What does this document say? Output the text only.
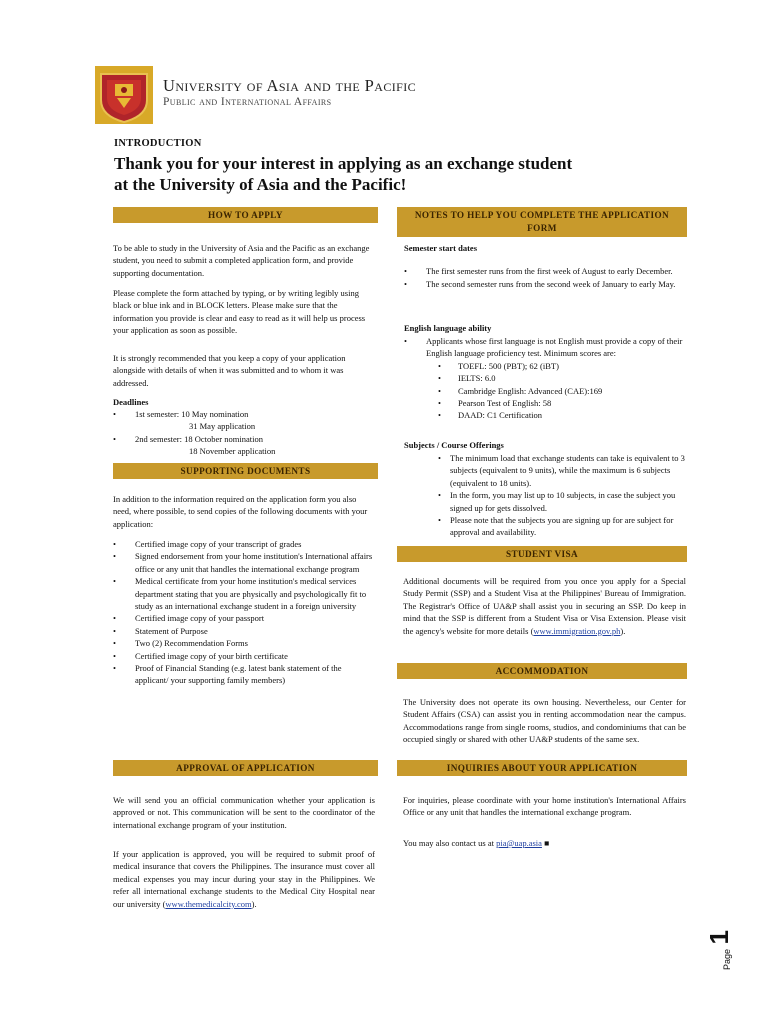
University of Asia and the Pacific
Public and International Affairs
INTRODUCTION
Thank you for your interest in applying as an exchange student
at the University of Asia and the Pacific!
HOW TO APPLY

To be able to study in the University of Asia and the Pacific as an exchange student, you need to submit a completed application form, and provide supporting documentation.

Please complete the form attached by typing, or by writing legibly using black or blue ink and in BLOCK letters. Please make sure that the information you provide is clear and easy to read as it will help us process your application as soon as possible.

It is strongly recommended that you keep a copy of your application alongside with details of when it was submitted and to whom it was addressed.

Deadlines
• 1st semester: 10 May nomination
31 May application
• 2nd semester: 18 October nomination
18 November application
SUPPORTING DOCUMENTS

In addition to the information required on the application form you also need, where possible, to send copies of the following documents with your application:

• Certified image copy of your transcript of grades
• Signed endorsement from your home institution's International affairs office or any unit that handles the international exchange program
• Medical certificate from your home institution's medical services department stating that you are physically and psychologically fit to study as an international exchange student in a foreign university
• Certified image copy of your passport
• Statement of Purpose
• Two (2) Recommendation Forms
• Certified image copy of your birth certificate
• Proof of Financial Standing (e.g. latest bank statement of the applicant/ your supporting family members)
NOTES TO HELP YOU COMPLETE THE APPLICATION
FORM
Semester start dates
• The first semester runs from the first week of August to early December.
• The second semester runs from the second week of January to early May.
English language ability
• Applicants whose first language is not English must provide a copy of their English language proficiency test. Minimum scores are:
• TOEFL: 500 (PBT); 62 (iBT)
• IELTS: 6.0
• Cambridge English: Advanced (CAE):169
• Pearson Test of English: 58
• DAAD: C1 Certification
Subjects / Course Offerings
• The minimum load that exchange students can take is equivalent to 3 subjects (equivalent to 9 units), while the maximum is 6 subjects (equivalent to 18 units).
• In the form, you may list up to 10 subjects, in case the subject you signed up for gets dissolved.
• Please note that the subjects you are signing up for are subject for approval and availability.
STUDENT VISA

Additional documents will be required from you once you apply for a Special Study Permit (SSP) and a Student Visa at the Philippines' Bureau of Immigration. The Registrar's Office of UA&P shall assist you in securing an SSP. Do keep in mind that the SSP is different from a Student Visa or Visa Extension. Please visit the agency's website for more details (www.immigration.gov.ph).

ACCOMMODATION

The University does not operate its own housing. Nevertheless, our Center for Student Affairs (CSA) can assist you in renting accommodation near the campus. Accommodations range from single rooms, studios, and condominiums that can be occupied singly or shared with other UA&P students of the same sex.

APPROVAL OF APPLICATION

We will send you an official communication whether your application is approved or not. This communication will be sent to the coordinator of the international exchange program of your institution.

If your application is approved, you will be required to submit proof of medical insurance that covers the Philippines. The insurance must cover all medical expenses you may incur during your stay in the Philippines. We refer all international exchange students to the Medical City Hospital near our university (www.themedicalcity.com).

INQUIRIES ABOUT YOUR APPLICATION

For inquiries, please coordinate with your home institution's International Affairs Office or any unit that handles the international exchange program.

You may also contact us at pia@uap.asia ■

Page 1
